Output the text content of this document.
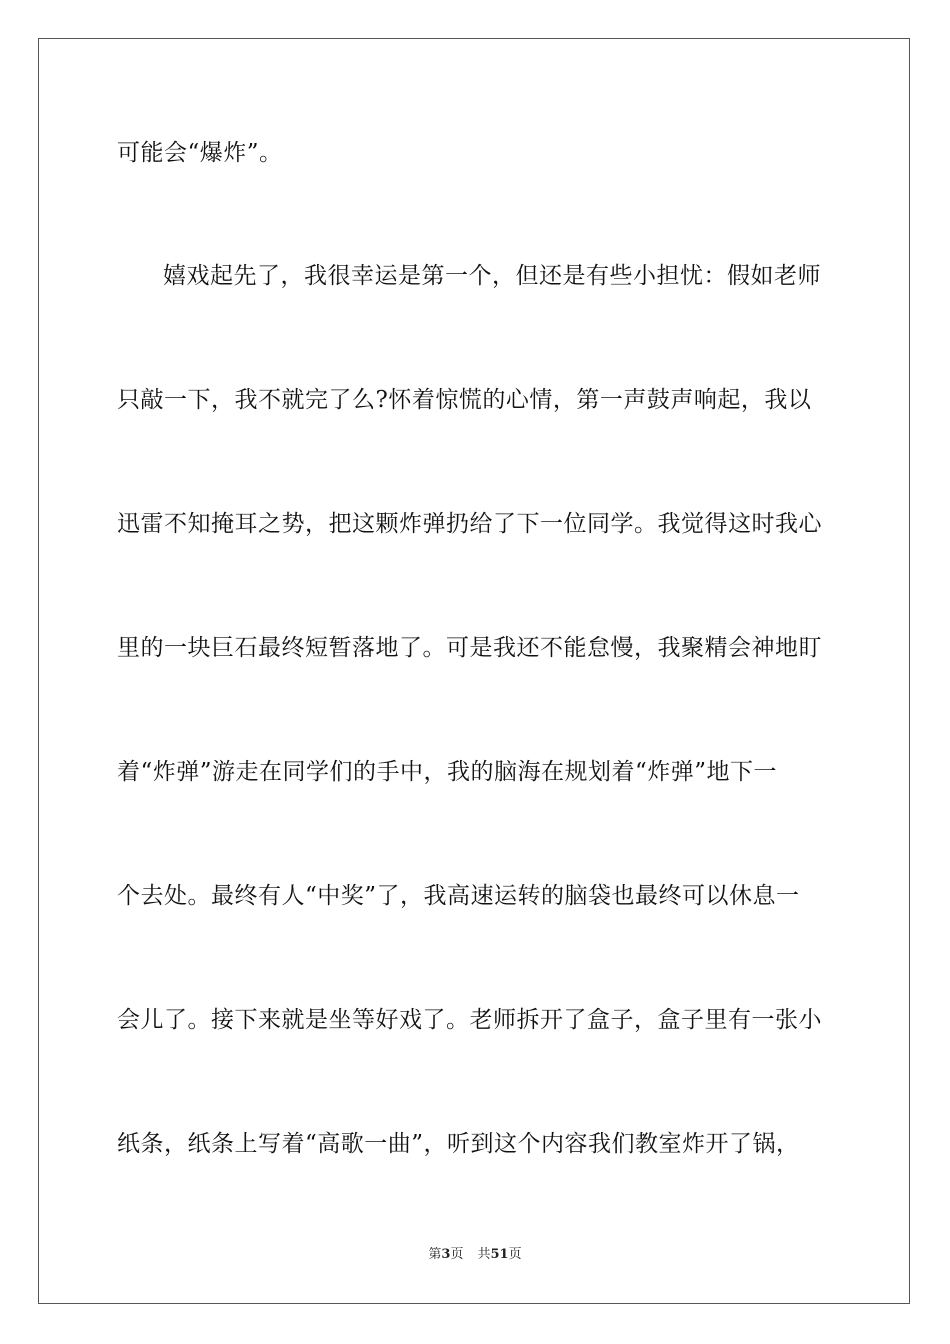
可能会“爆炸”。
嬉戏起先了，我很幸运是第一个，但还是有些小担忧：假如老师
只敲一下，我不就完了么?怀着惊慌的心情，第一声鼓声响起，我以
迅雷不知掩耳之势，把这颗炸弹扔给了下一位同学。我觉得这时我心
里的一块巨石最终短暂落地了。可是我还不能怠慢，我聚精会神地盯
着“炸弹”游走在同学们的手中，我的脑海在规划着“炸弹”地下一
个去处。最终有人“中奖”了，我高速运转的脑袋也最终可以休息一
会儿了。接下来就是坐等好戏了。老师拆开了盒子，盒子里有一张小
纸条，纸条上写着“高歌一曲”，听到这个内容我们教室炸开了锅，
第3页 共51页
